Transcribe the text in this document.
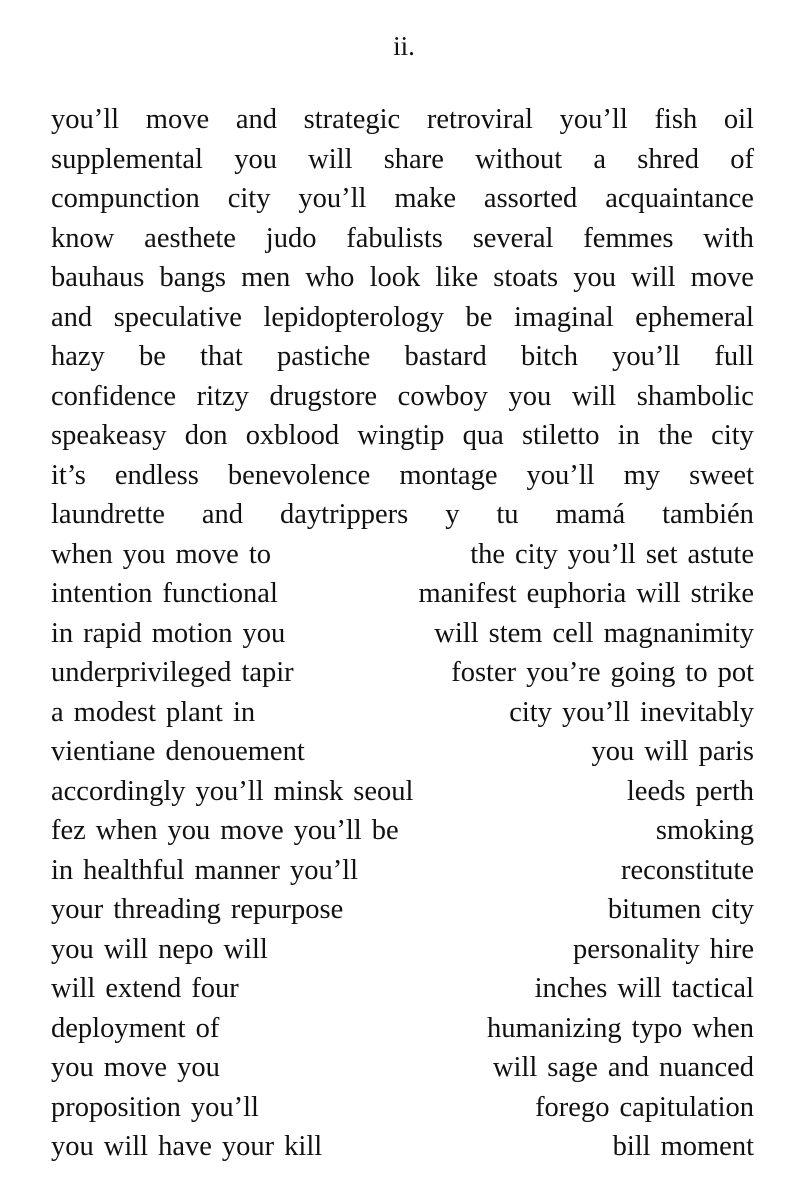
ii.
you’ll move and strategic retroviral you’ll fish oil
supplemental you will share without a shred of
compunction city you’ll make assorted acquaintance
know aesthete judo fabulists several femmes with
bauhaus bangs men who look like stoats you will move
and speculative lepidopterology be imaginal ephemeral
hazy be that pastiche bastard bitch you’ll full
confidence ritzy drugstore cowboy you will shambolic
speakeasy don oxblood wingtip qua stiletto in the city
it’s endless benevolence montage you’ll my sweet
laundrette and daytrippers y tu mamá también
when you move to	the city you’ll set astute
intention functional	manifest euphoria will strike
in rapid motion you	will stem cell magnanimity
underprivileged tapir	foster you’re going to pot
a modest plant in	city you’ll inevitably
vientiane denouement	you will paris
accordingly you’ll minsk seoul	leeds perth
fez when you move you’ll be	smoking
in healthful manner you’ll	reconstitute
your threading repurpose	bitumen city
you will nepo will	personality hire
will extend four	inches will tactical
deployment of	humanizing typo when
you move you	will sage and nuanced
proposition you’ll	forego capitulation
you will have your kill	bill moment
